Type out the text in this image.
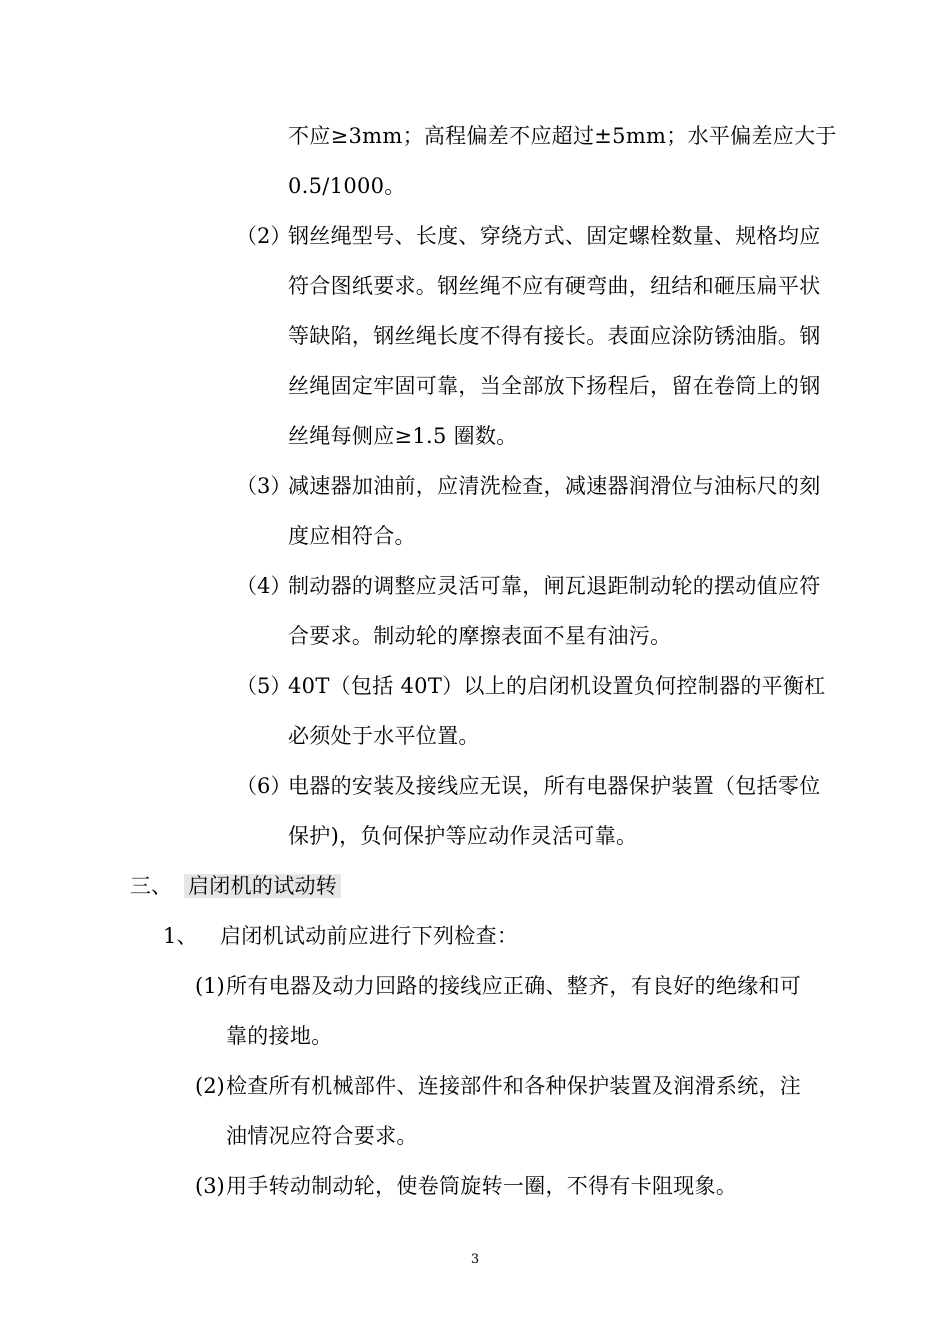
不应≥3mm；高程偏差不应超过±5mm；水平偏差应大于
0.5/1000。
（2）
钢丝绳型号、长度、穿绕方式、固定螺栓数量、规格均应
符合图纸要求。钢丝绳不应有硬弯曲，纽结和砸压扁平状
等缺陷，钢丝绳长度不得有接长。表面应涂防锈油脂。钢
丝绳固定牢固可靠，当全部放下扬程后，留在卷筒上的钢
丝绳每侧应≥1.5 圈数。
（3）
减速器加油前，应清洗检查，减速器润滑位与油标尺的刻
度应相符合。
（4）
制动器的调整应灵活可靠，闸瓦退距制动轮的摆动值应符
合要求。制动轮的摩擦表面不星有油污。
（5）
40T（包括 40T）以上的启闭机设置负何控制器的平衡杠
必须处于水平位置。
（6）
电器的安装及接线应无误，所有电器保护装置（包括零位
保护)，负何保护等应动作灵活可靠。
三、 启闭机的试动转
1、 启闭机试动前应进行下列检查：
(1) 所有电器及动力回路的接线应正确、整齐，有良好的绝缘和可
靠的接地。
(2) 检查所有机械部件、连接部件和各种保护装置及润滑系统，注
油情况应符合要求。
(3) 用手转动制动轮，使卷筒旋转一圈，不得有卡阻现象。
3
